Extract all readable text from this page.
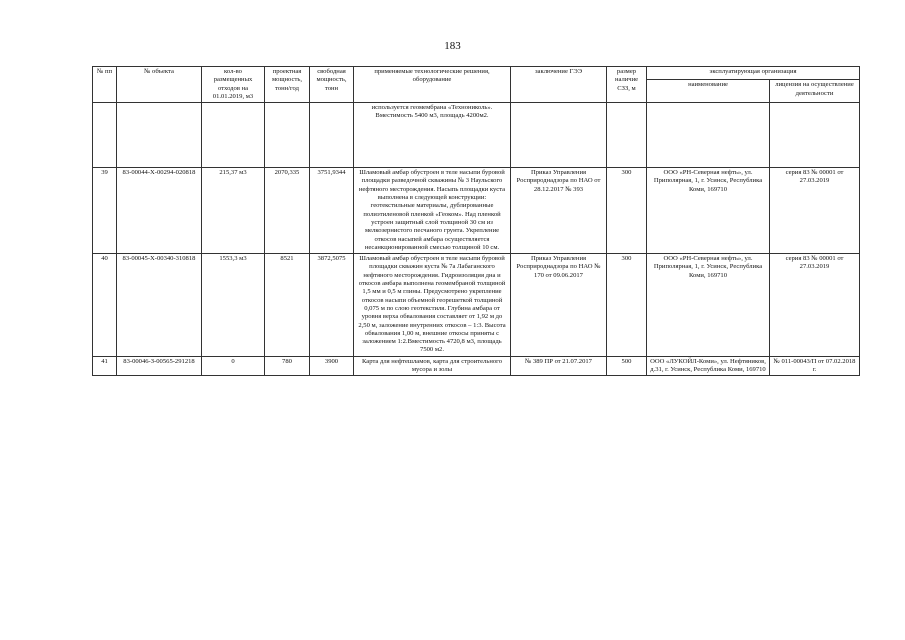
183
№ пп	№ объекта	кол-во размещенных отходов на 01.01.2019, м3	проектная мощность, тонн/год	свободная мощность, тонн	применяемые технологические решения, оборудование	заключение ГЭЭ	размер наличие СЗЗ, м	эксплуатирующая организация	
								наименование	лицензия на осуществление деятельности
					используется геомембрана «Технониколь». Вместимость 5400 м3, площадь 4200м2.				
39	83-00044-Х-00294-020818	215,37 м3	2070,335	3751,9344	Шламовый амбар обустроен в теле насыпи буровой площадки разведочной скважины № 3 Наульского нефтяного месторождения. Насыпь площадки куста выполнена в следующей конструкции: геотекстильные материалы, дублированные полиэтиленовой пленкой «Геоком». Над пленкой устроен защитный слой толщиной 30 см из мелкозернистого песчаного грунта. Укрепление откосов насыпей амбара осуществляется несанкционированной смесью толщиной 10 см.	Приказ Управления Росприроднадзора по НАО от 28.12.2017 № 393	300	ООО «РН-Северная нефть», ул. Приполярная, 1, г. Усинск, Республика Коми, 169710	серия 83 № 00001 от 27.03.2019
40	83-00045-Х-00340-310818	1553,3 м3	8521	3872,5075	Шламовый амбар обустроен в теле насыпи буровой площадки скважин куста № 7а Лабаганского нефтяного месторождения. Гидроизоляция дна и откосов амбара выполнена геомембраной толщиной 1,5 мм и 0,5 м глины. Предусмотрено укрепление откосов насыпи объемной георешеткой толщиной 0,075 м по слою геотекстиля. Глубина амбара от уровня верха обвалования составляет от 1,92 м до 2,50 м, заложение внутренних откосов – 1:3. Высота обвалования 1,00 м, внешние откосы приняты с заложением 1:2.Вместимость 4720,8 м3, площадь 7500 м2.	Приказ Управления Росприроднадзора по НАО № 170 от 09.06.2017	300	ООО «РН-Северная нефть», ул. Приполярная, 1, г. Усинск, Республика Коми, 169710	серия 83 № 00001 от 27.03.2019
41	83-00046-З-00565-291218	0	780	3900	Карта для нефтешламов, карта для строительного мусора и золы	№ 389 ПР от 21.07.2017	500	ООО «ЛУКОЙЛ-Коми», ул. Нефтяников, д.31, г. Усинск, Республика Коми, 169710	№ 011-00043/П от 07.02.2018 г.
